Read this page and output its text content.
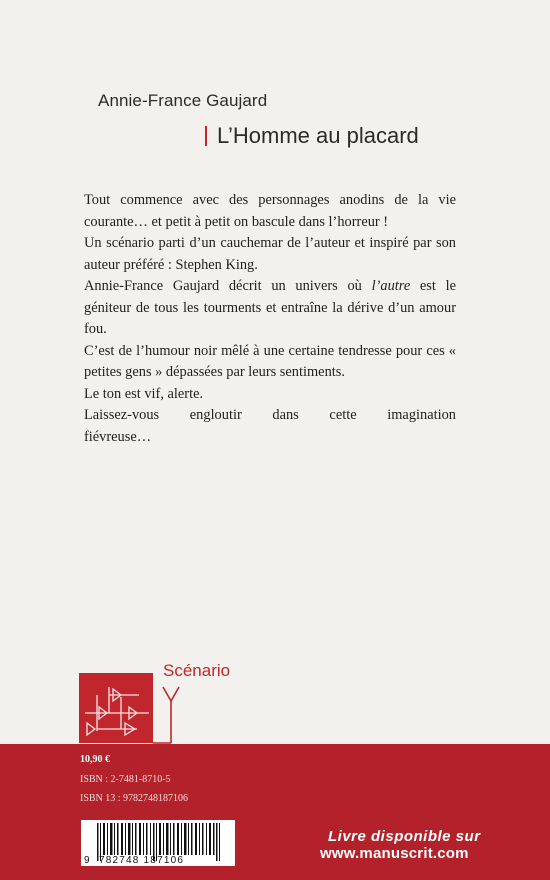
Annie-France Gaujard
L’Homme au placard

Tout commence avec des personnages anodins de la vie courante… et petit à petit on bascule dans l’horreur !

Un scénario parti d’un cauchemar de l’auteur et inspiré par son auteur préféré : Stephen King.

Annie-France Gaujard décrit un univers où l’autre est le géniteur de tous les tourments et entraîne la dérive d’un amour fou.

C’est de l’humour noir mêlé à une certaine tendresse pour ces « petites gens » dépassées par leurs sentiments.

Le ton est vif, alerte.

Laissez-vous engloutir dans cette imagination

fiévreuse…

Scénario
10,90 €
ISBN : 2-7481-8710-5
ISBN 13 : 9782748187106
9 782748 187106
Livre disponible sur
www.manuscrit.com
